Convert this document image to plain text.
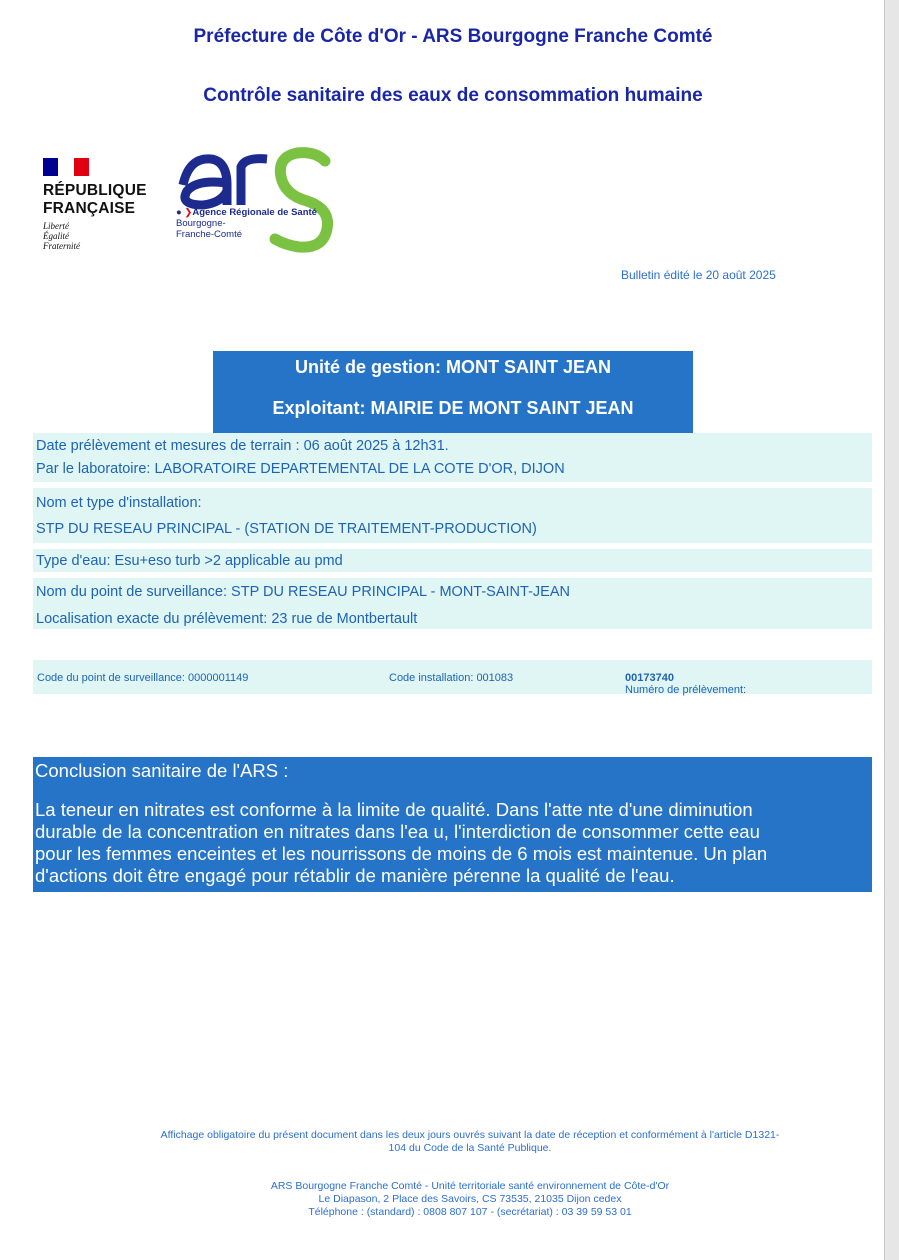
Préfecture de Côte d'Or - ARS Bourgogne Franche Comté
Contrôle sanitaire des eaux de consommation humaine
RÉPUBLIQUE
FRANÇAISE
Liberté
Égalité
Fraternité
● ❯Agence Régionale de Santé
Bourgogne-
Franche-Comté
Bulletin édité le 20 août 2025
Unité de gestion: MONT SAINT JEAN
Exploitant: MAIRIE DE MONT SAINT JEAN
Date prélèvement et mesures de terrain : 06 août 2025 à 12h31.
Par le laboratoire: LABORATOIRE DEPARTEMENTAL DE LA COTE D'OR, DIJON
Nom et type d'installation:
STP DU RESEAU PRINCIPAL - (STATION DE TRAITEMENT-PRODUCTION)
Type d'eau: Esu+eso turb >2 applicable au pmd
Nom du point de surveillance: STP DU RESEAU PRINCIPAL - MONT-SAINT-JEAN
Localisation exacte du prélèvement: 23 rue de Montbertault
Code du point de surveillance: 0000001149	Code installation: 001083
Numéro de prélèvement:
00173740
Conclusion sanitaire de l'ARS :
La teneur en nitrates est conforme à la limite de qualité. Dans l'atte nte d'une diminution
durable de la concentration en nitrates dans l'ea u, l'interdiction de consommer cette eau
pour les femmes enceintes et les nourrissons de moins de 6 mois est maintenue. Un plan
d'actions doit être engagé pour rétablir de manière pérenne la qualité de l'eau.
Affichage obligatoire du présent document dans les deux jours ouvrés suivant la date de réception et conformément à l'article D1321-
104 du Code de la Santé Publique.
ARS Bourgogne Franche Comté - Unité territoriale santé environnement de Côte-d'Or
Le Diapason, 2 Place des Savoirs, CS 73535, 21035 Dijon cedex
Téléphone : (standard) : 0808 807 107 - (secrétariat) : 03 39 59 53 01
